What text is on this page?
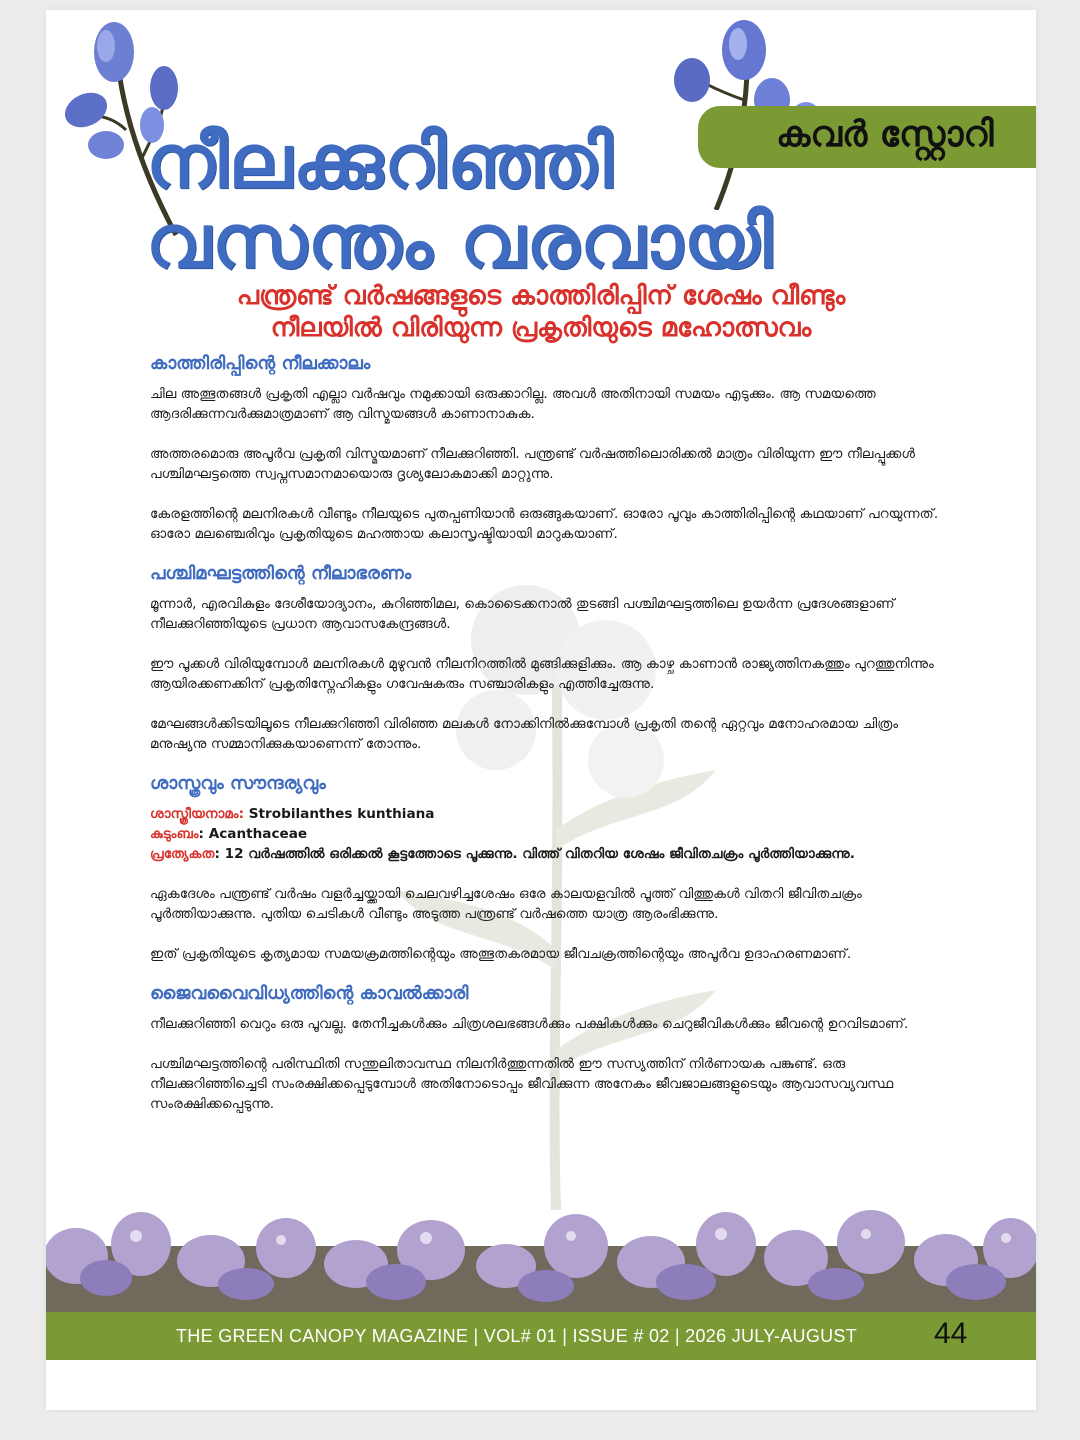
കവർ സ്റ്റോറി
നീലക്കുറിഞ്ഞി
വസന്തം വരവായി
പന്ത്രണ്ട് വർഷങ്ങളുടെ കാത്തിരിപ്പിന് ശേഷം വീണ്ടും
നീലയിൽ വിരിയുന്ന പ്രകൃതിയുടെ മഹോത്സവം
കാത്തിരിപ്പിന്റെ നീലക്കാലം

ചില അത്ഭുതങ്ങൾ പ്രകൃതി എല്ലാ വർഷവും നമുക്കായി ഒരുക്കാറില്ല. അവൾ അതിനായി സമയം എടുക്കും. ആ സമയത്തെ ആദരിക്കുന്നവർക്കുമാത്രമാണ് ആ വിസ്മയങ്ങൾ കാണാനാകുക.

അത്തരമൊരു അപൂർവ പ്രകൃതി വിസ്മയമാണ് നീലക്കുറിഞ്ഞി. പന്ത്രണ്ട് വർഷത്തിലൊരിക്കൽ മാത്രം വിരിയുന്ന ഈ നീലപ്പൂക്കൾ പശ്ചിമഘട്ടത്തെ സ്വപ്നസമാനമായൊരു ദൃശ്യലോകമാക്കി മാറ്റുന്നു.

കേരളത്തിന്റെ മലനിരകൾ വീണ്ടും നീലയുടെ പുതപ്പണിയാൻ ഒരുങ്ങുകയാണ്. ഓരോ പൂവും കാത്തിരിപ്പിന്റെ കഥയാണ് പറയുന്നത്. ഓരോ മലഞ്ചെരിവും പ്രകൃതിയുടെ മഹത്തായ കലാസൃഷ്ടിയായി മാറുകയാണ്.

പശ്ചിമഘട്ടത്തിന്റെ നീലാഭരണം

മൂന്നാർ, എരവികുളം ദേശീയോദ്യാനം, കുറിഞ്ഞിമല, കൊടൈക്കനാൽ തുടങ്ങി പശ്ചിമഘട്ടത്തിലെ ഉയർന്ന പ്രദേശങ്ങളാണ് നീലക്കുറിഞ്ഞിയുടെ പ്രധാന ആവാസകേന്ദ്രങ്ങൾ.

ഈ പൂക്കൾ വിരിയുമ്പോൾ മലനിരകൾ മുഴുവൻ നീലനിറത്തിൽ മുങ്ങിക്കുളിക്കും. ആ കാഴ്ച കാണാൻ രാജ്യത്തിനകത്തും പുറത്തുനിന്നും ആയിരക്കണക്കിന് പ്രകൃതിസ്നേഹികളും ഗവേഷകരും സഞ്ചാരികളും എത്തിച്ചേരുന്നു.

മേഘങ്ങൾക്കിടയിലൂടെ നീലക്കുറിഞ്ഞി വിരിഞ്ഞ മലകൾ നോക്കിനിൽക്കുമ്പോൾ പ്രകൃതി തന്റെ ഏറ്റവും മനോഹരമായ ചിത്രം മനുഷ്യനു സമ്മാനിക്കുകയാണെന്ന് തോന്നും.

ശാസ്ത്രവും സൗന്ദര്യവും

ശാസ്ത്രീയനാമം: Strobilanthes kunthiana

കുടുംബം: Acanthaceae

പ്രത്യേകത: 12 വർഷത്തിൽ ഒരിക്കൽ കൂട്ടത്തോടെ പൂക്കുന്നു. വിത്ത് വിതറിയ ശേഷം ജീവിതചക്രം പൂർത്തിയാക്കുന്നു.

ഏകദേശം പന്ത്രണ്ട് വർഷം വളർച്ചയ്ക്കായി ചെലവഴിച്ചശേഷം ഒരേ കാലയളവിൽ പൂത്ത് വിത്തുകൾ വിതറി ജീവിതചക്രം പൂർത്തിയാക്കുന്നു. പുതിയ ചെടികൾ വീണ്ടും അടുത്ത പന്ത്രണ്ട് വർഷത്തെ യാത്ര ആരംഭിക്കുന്നു.

ഇത് പ്രകൃതിയുടെ കൃത്യമായ സമയക്രമത്തിന്റെയും അത്ഭുതകരമായ ജീവചക്രത്തിന്റെയും അപൂർവ ഉദാഹരണമാണ്.

ജൈവവൈവിധ്യത്തിന്റെ കാവൽക്കാരി

നീലക്കുറിഞ്ഞി വെറും ഒരു പൂവല്ല. തേനീച്ചകൾക്കും ചിത്രശലഭങ്ങൾക്കും പക്ഷികൾക്കും ചെറുജീവികൾക്കും ജീവന്റെ ഉറവിടമാണ്.

പശ്ചിമഘട്ടത്തിന്റെ പരിസ്ഥിതി സന്തുലിതാവസ്ഥ നിലനിർത്തുന്നതിൽ ഈ സസ്യത്തിന് നിർണായക പങ്കുണ്ട്. ഒരു നീലക്കുറിഞ്ഞിച്ചെടി സംരക്ഷിക്കപ്പെടുമ്പോൾ അതിനോടൊപ്പം ജീവിക്കുന്ന അനേകം ജീവജാലങ്ങളുടെയും ആവാസവ്യവസ്ഥ സംരക്ഷിക്കപ്പെടുന്നു.

THE GREEN CANOPY MAGAZINE | VOL# 01 | ISSUE # 02 | 2026 JULY-AUGUST	44
